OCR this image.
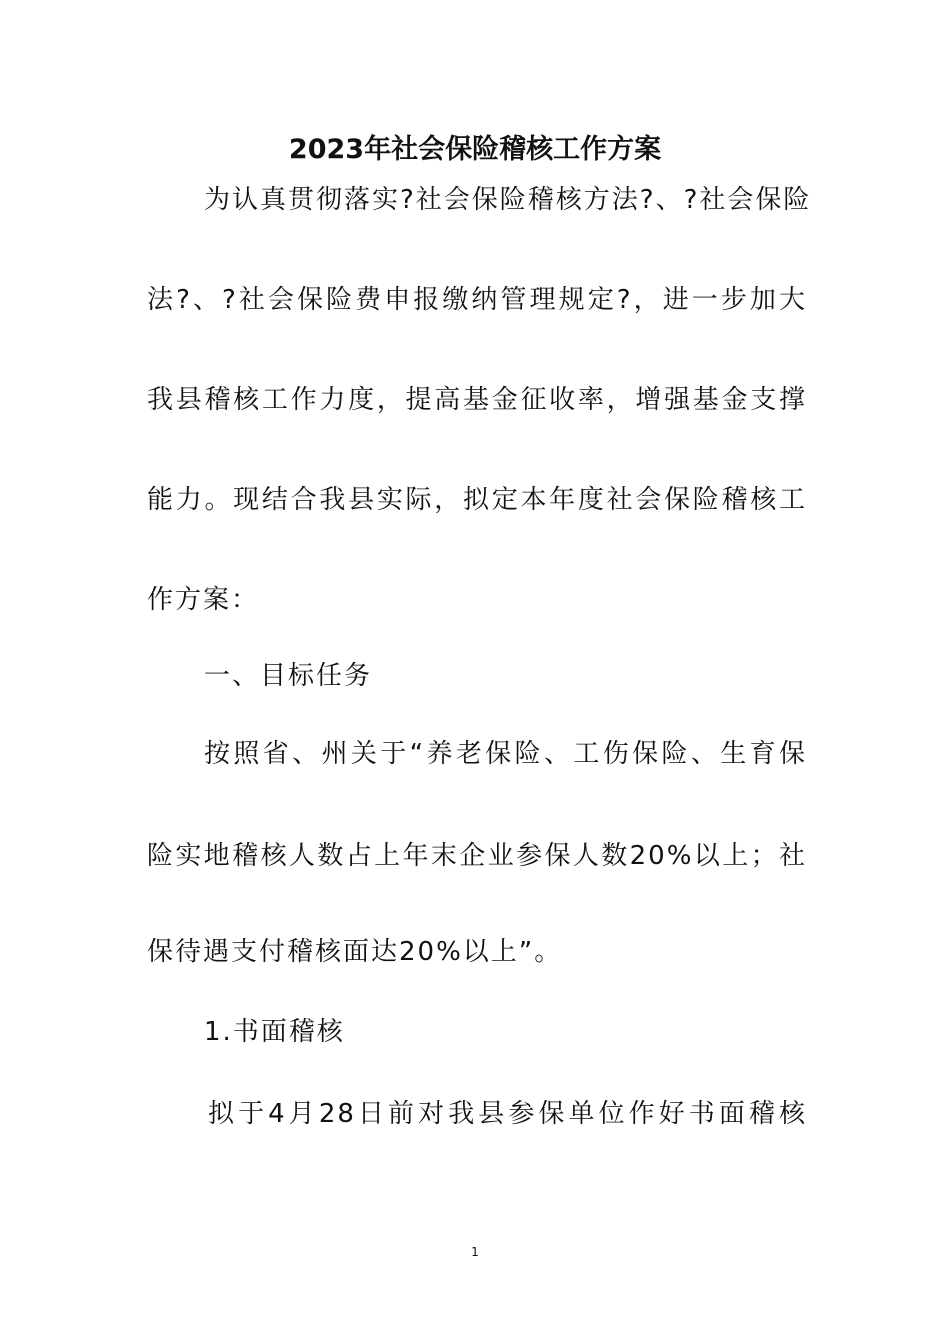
2023年社会保险稽核工作方案
为认真贯彻落实?社会保险稽核方法?、?社会保险
法?、?社会保险费申报缴纳管理规定?，进一步加大
我县稽核工作力度，提高基金征收率，增强基金支撑
能力。现结合我县实际，拟定本年度社会保险稽核工
作方案：
一、目标任务
按照省、州关于“养老保险、工伤保险、生育保
险实地稽核人数占上年末企业参保人数20%以上；社
保待遇支付稽核面达20%以上”。
1.书面稽核
拟于4月28日前对我县参保单位作好书面稽核
1
